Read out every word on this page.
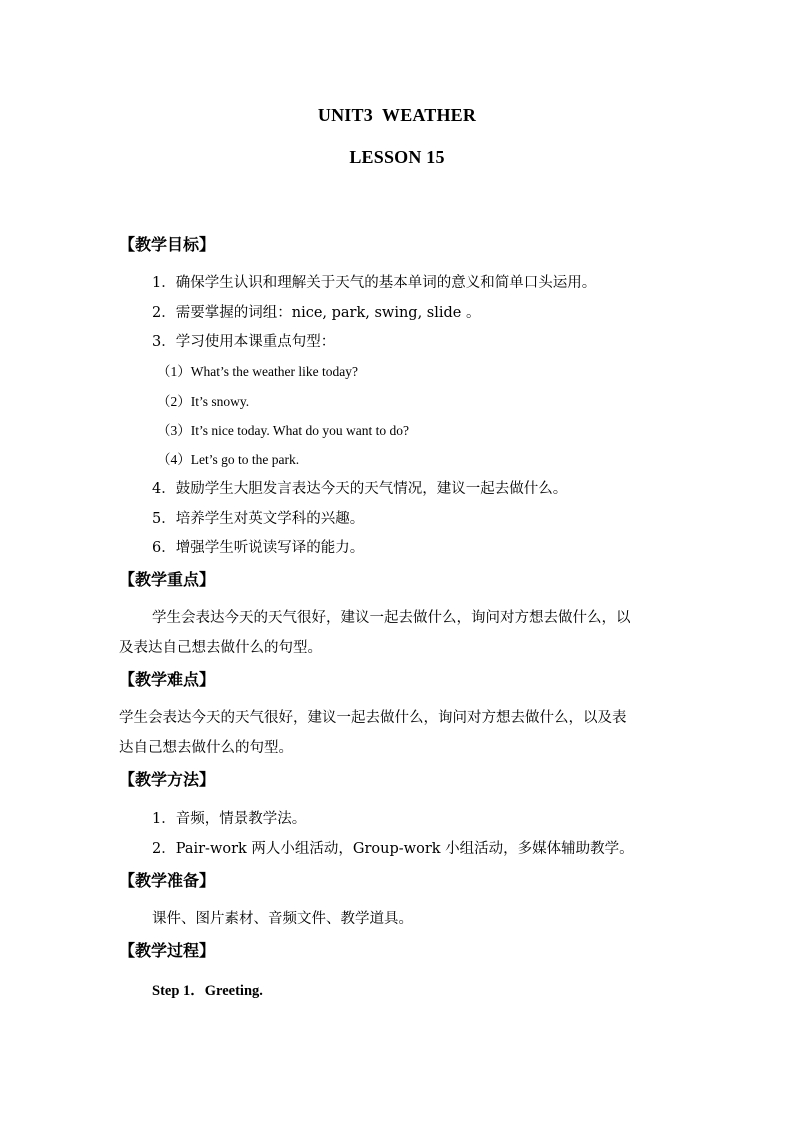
UNIT3  WEATHER
LESSON 15
【教学目标】
1．确保学生认识和理解关于天气的基本单词的意义和简单口头运用。
2．需要掌握的词组：nice, park, swing, slide 。
3．学习使用本课重点句型：
（1）What’s the weather like today?
（2）It’s snowy.
（3）It’s nice today. What do you want to do?
（4）Let’s go to the park.
4．鼓励学生大胆发言表达今天的天气情况，建议一起去做什么。
5．培养学生对英文学科的兴趣。
6．增强学生听说读写译的能力。
【教学重点】
学生会表达今天的天气很好，建议一起去做什么，询问对方想去做什么，以
及表达自己想去做什么的句型。
【教学难点】
学生会表达今天的天气很好，建议一起去做什么，询问对方想去做什么，以及表
达自己想去做什么的句型。
【教学方法】
1．音频，情景教学法。
2．Pair-work 两人小组活动，Group-work 小组活动，多媒体辅助教学。
【教学准备】
课件、图片素材、音频文件、教学道具。
【教学过程】
Step 1．Greeting.
